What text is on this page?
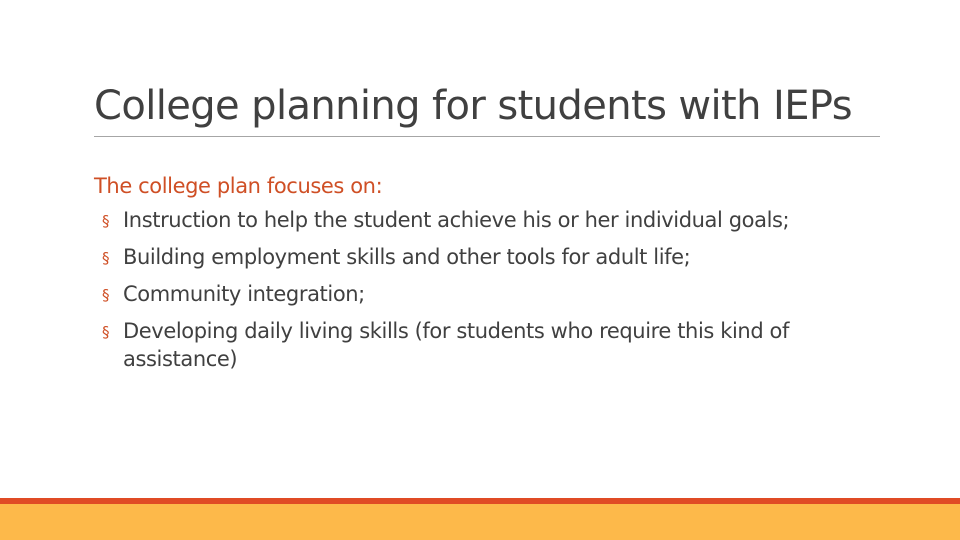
College planning for students with IEPs

The college plan focuses on:

§ Instruction to help the student achieve his or her individual goals;
§ Building employment skills and other tools for adult life;
§ Community integration;
§ Developing daily living skills (for students who require this kind of assistance)
